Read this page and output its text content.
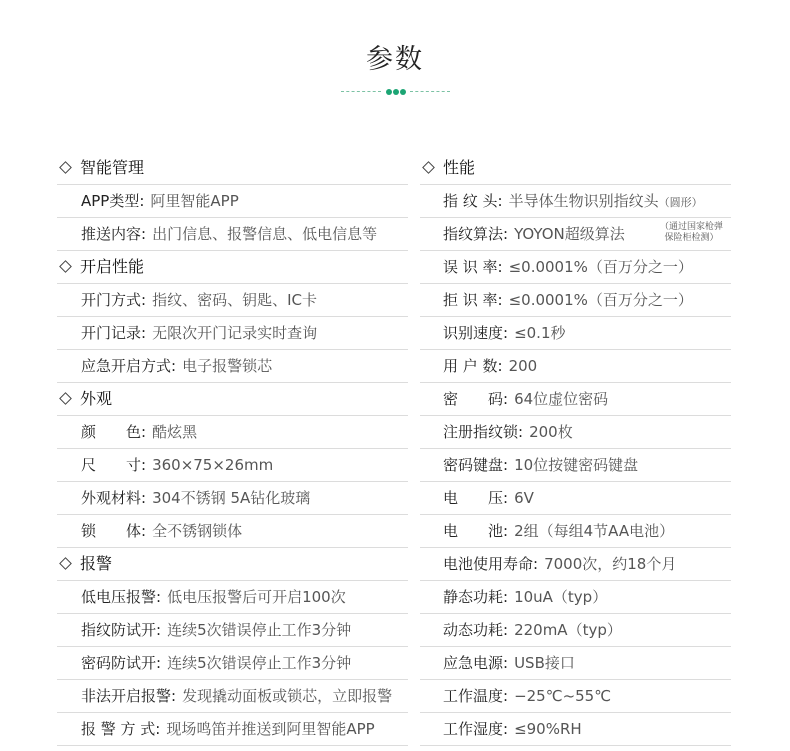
参数
智能管理
APP类型: 阿里智能APP
推送内容: 出门信息、报警信息、低电信息等
开启性能
开门方式: 指纹、密码、钥匙、IC卡
开门记录: 无限次开门记录实时查询
应急开启方式: 电子报警锁芯
外观
颜　　色: 酷炫黑
尺　　寸: 360×75×26mm
外观材料: 304不锈钢 5A钻化玻璃
锁　　体: 全不锈钢锁体
报警
低电压报警: 低电压报警后可开启100次
指纹防试开: 连续5次错误停止工作3分钟
密码防试开: 连续5次错误停止工作3分钟
非法开启报警: 发现撬动面板或锁芯，立即报警
报 警 方 式: 现场鸣笛并推送到阿里智能APP
性能
指 纹 头: 半导体生物识别指纹头（圆形）
指纹算法: YOYON超级算法	（通过国家枪弹
保险柜检测）
误 识 率: ≤0.0001%（百万分之一）
拒 识 率: ≤0.0001%（百万分之一）
识别速度: ≤0.1秒
用 户 数: 200
密　　码: 64位虚位密码
注册指纹锁: 200枚
密码键盘: 10位按键密码键盘
电　　压: 6V
电　　池: 2组（每组4节AA电池）
电池使用寿命: 7000次，约18个月
静态功耗: 10uA（typ）
动态功耗: 220mA（typ）
应急电源: USB接口
工作温度: −25℃~55℃
工作湿度: ≤90%RH
